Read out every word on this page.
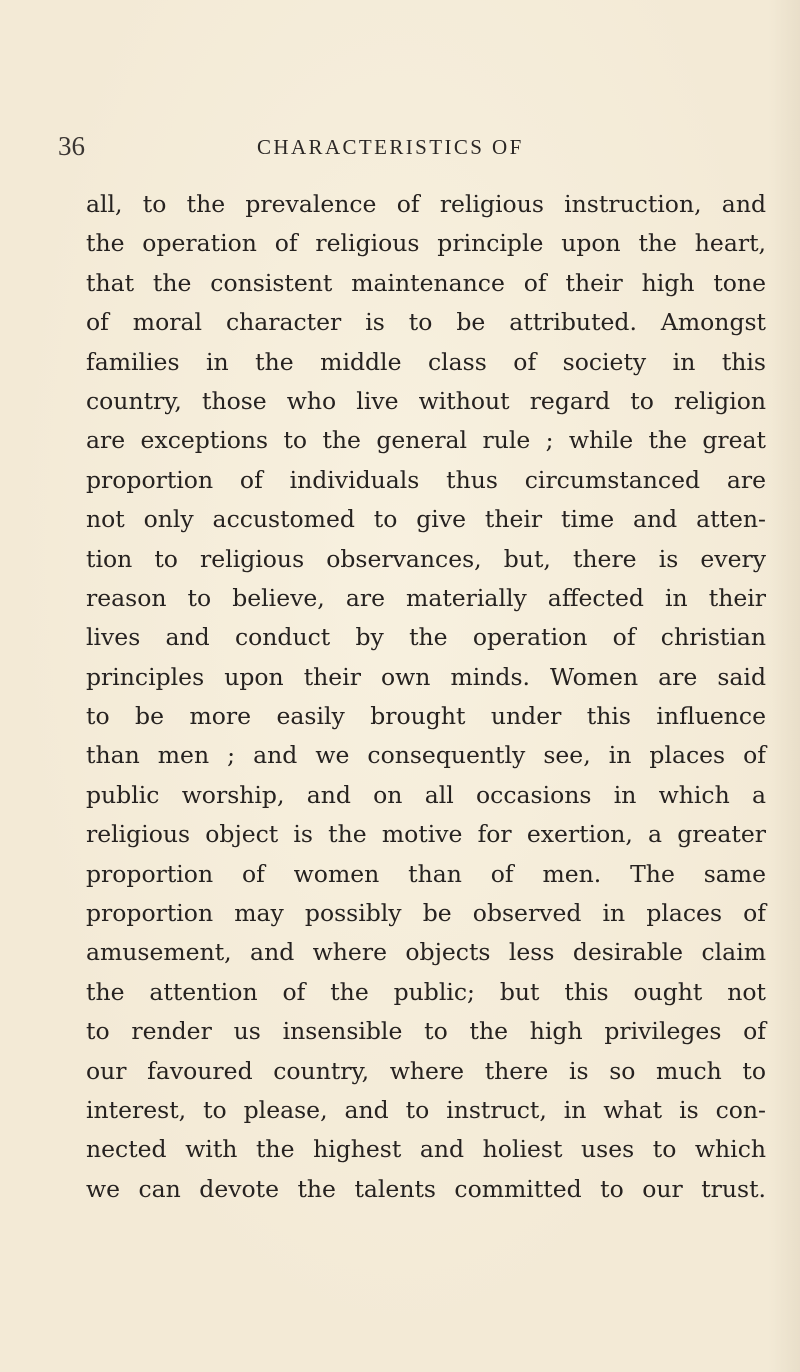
36	CHARACTERISTICS OF
all, to the prevalence of religious instruction, and
the operation of religious principle upon the heart,
that the consistent maintenance of their high tone
of moral character is to be attributed. Amongst
families in the middle class of society in this
country, those who live without regard to religion
are exceptions to the general rule ; while the great
proportion of individuals thus circumstanced are
not only accustomed to give their time and atten-
tion to religious observances, but, there is every
reason to believe, are materially affected in their
lives and conduct by the operation of christian
principles upon their own minds. Women are said
to be more easily brought under this influence
than men ; and we consequently see, in places of
public worship, and on all occasions in which a
religious object is the motive for exertion, a greater
proportion of women than of men. The same
proportion may possibly be observed in places of
amusement, and where objects less desirable claim
the attention of the public; but this ought not
to render us insensible to the high privileges of
our favoured country, where there is so much to
interest, to please, and to instruct, in what is con-
nected with the highest and holiest uses to which
we can devote the talents committed to our trust.
